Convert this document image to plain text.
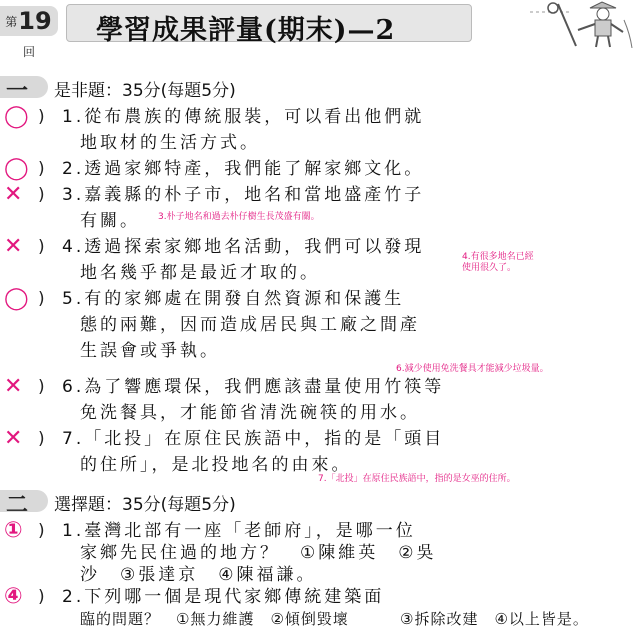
第19回
學習成果評量(期末)—2
一 是非題：35分(每題5分)
◯ ) 1.從布農族的傳統服裝，可以看出他們就
地取材的生活方式。
◯ ) 2.透過家鄉特產，我們能了解家鄉文化。
✕ ) 3.嘉義縣的朴子市，地名和當地盛產竹子
有關。 3.朴子地名和過去朴仔樹生長茂盛有關。
✕ ) 4.透過探索家鄉地名活動，我們可以發現
地名幾乎都是最近才取的。
4.有很多地名已經
使用很久了。
◯ ) 5.有的家鄉處在開發自然資源和保護生
態的兩難，因而造成居民與工廠之間產
生誤會或爭執。
6.減少使用免洗餐具才能減少垃圾量。
✕ ) 6.為了響應環保，我們應該盡量使用竹筷等
免洗餐具，才能節省清洗碗筷的用水。
✕ ) 7.「北投」在原住民族語中，指的是「頭目
的住所」，是北投地名的由來。
7.「北投」在原住民族語中，指的是女巫的住所。
二 選擇題：35分(每題5分)
① ) 1.臺灣北部有一座「老師府」，是哪一位
家鄉先民住過的地方？　①陳維英　②吳
沙　③張達京　④陳福謙。
④ ) 2.下列哪一個是現代家鄉傳統建築面
臨的問題？　①無力維護　②傾倒毀壞	③拆除改建　④以上皆是。
